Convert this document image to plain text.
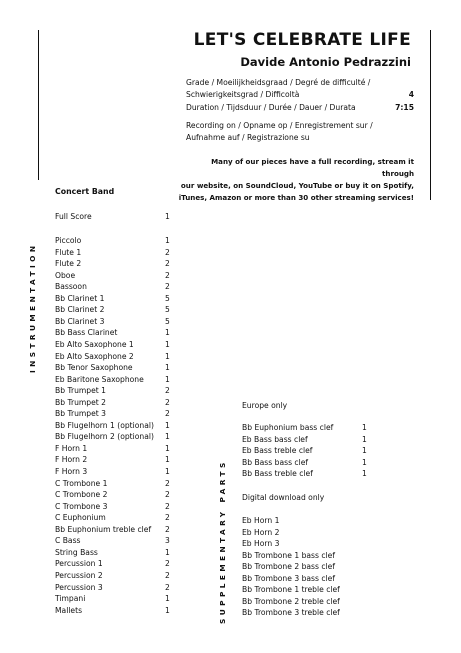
LET'S CELEBRATE LIFE
Davide Antonio Pedrazzini
Grade / Moeilijkheidsgraad / Degré de difficulté /
Schwierigkeitsgrad / Difficoltà	4
Duration / Tijdsduur / Durée / Dauer / Durata	7:15
Recording on / Opname op / Enregistrement sur /
Aufnahme auf / Registrazione su
Many of our pieces have a full recording, stream it through
our website, on SoundCloud, YouTube or buy it on Spotify,
iTunes, Amazon or more than 30 other streaming services!
INSTRUMENTATION
SUPPLEMENTARY PARTS
Concert Band
Full Score	1
Piccolo	1
Flute 1	2
Flute 2	2
Oboe	2
Bassoon	2
Bb Clarinet 1	5
Bb Clarinet 2	5
Bb Clarinet 3	5
Bb Bass Clarinet	1
Eb Alto Saxophone 1	1
Eb Alto Saxophone 2	1
Bb Tenor Saxophone	1
Eb Baritone Saxophone	1
Bb Trumpet 1	2
Bb Trumpet 2	2
Bb Trumpet 3	2
Bb Flugelhorn 1 (optional) 1
Bb Flugelhorn 2 (optional) 1
F Horn 1	1
F Horn 2	1
F Horn 3	1
C Trombone 1	2
C Trombone 2	2
C Trombone 3	2
C Euphonium	2
Bb Euphonium treble clef 2
C Bass	3
String Bass	1
Percussion 1	2
Percussion 2	2
Percussion 3	2
Timpani	1
Mallets	1
Europe only
Bb Euphonium bass clef	1
Eb Bass bass clef	1
Eb Bass treble clef	1
Bb Bass bass clef	1
Bb Bass treble clef	1
Digital download only
Eb Horn 1
Eb Horn 2
Eb Horn 3
Bb Trombone 1 bass clef
Bb Trombone 2 bass clef
Bb Trombone 3 bass clef
Bb Trombone 1 treble clef
Bb Trombone 2 treble clef
Bb Trombone 3 treble clef
